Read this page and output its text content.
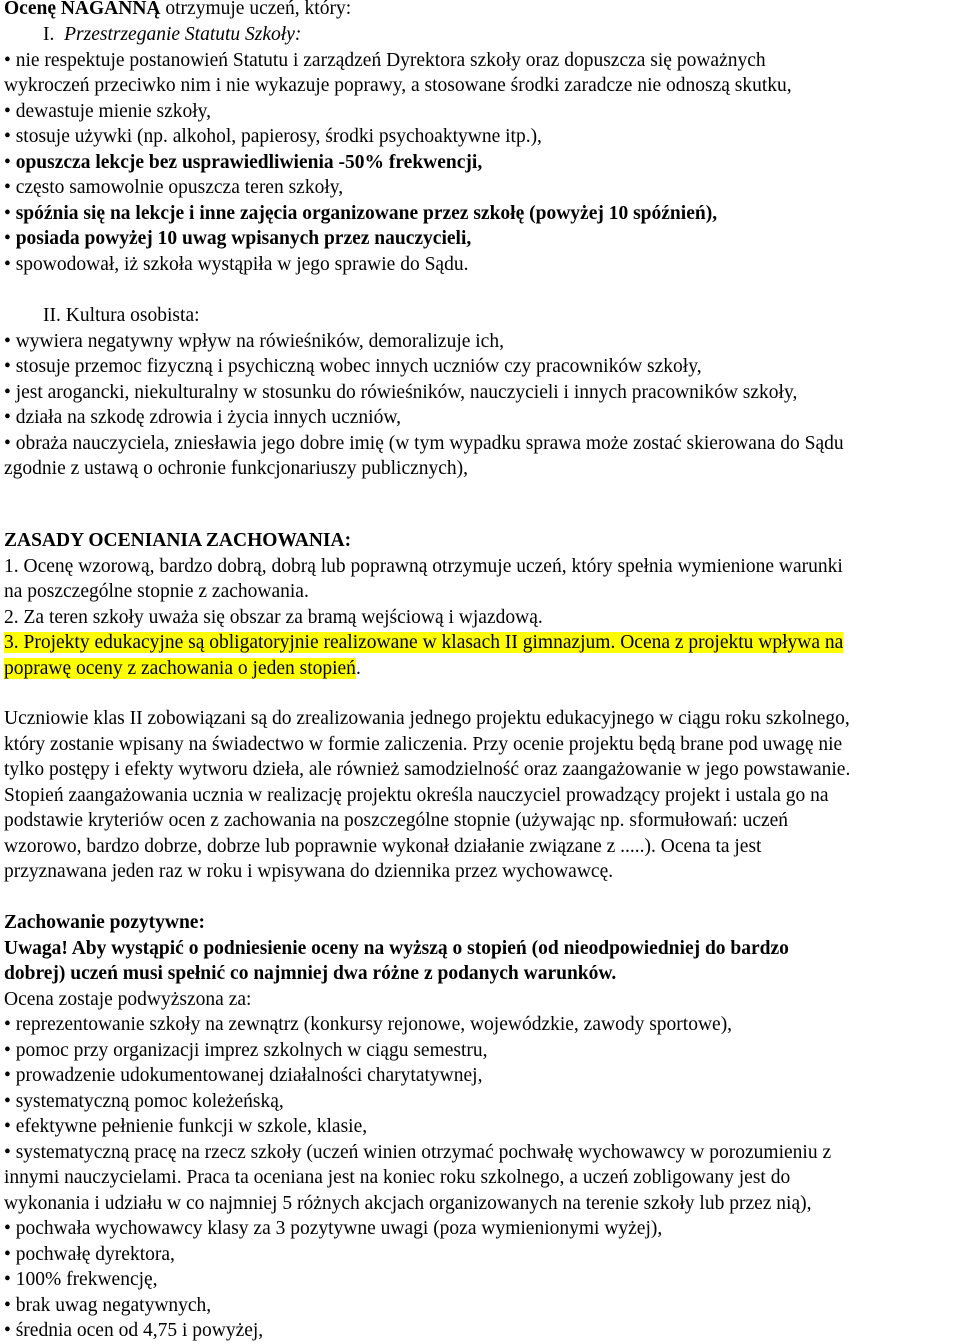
Ocenę NAGANNĄ otrzymuje uczeń, który:
I.  Przestrzeganie Statutu Szkoły:
• nie respektuje postanowień Statutu i zarządzeń Dyrektora szkoły oraz dopuszcza się poważnych
wykroczeń przeciwko nim i nie wykazuje poprawy, a stosowane środki zaradcze nie odnoszą skutku,
• dewastuje mienie szkoły,
• stosuje używki (np. alkohol, papierosy, środki psychoaktywne itp.),
• opuszcza lekcje bez usprawiedliwienia -50% frekwencji,
• często samowolnie opuszcza teren szkoły,
• spóźnia się na lekcje i inne zajęcia organizowane przez szkołę (powyżej 10 spóźnień),
• posiada powyżej 10 uwag wpisanych przez nauczycieli,
• spowodował, iż szkoła wystąpiła w jego sprawie do Sądu.
II. Kultura osobista:
• wywiera negatywny wpływ na rówieśników, demoralizuje ich,
• stosuje przemoc fizyczną i psychiczną wobec innych uczniów czy pracowników szkoły,
• jest arogancki, niekulturalny w stosunku do rówieśników, nauczycieli i innych pracowników szkoły,
• działa na szkodę zdrowia i życia innych uczniów,
• obraża nauczyciela, zniesławia jego dobre imię (w tym wypadku sprawa może zostać skierowana do Sądu
zgodnie z ustawą o ochronie funkcjonariuszy publicznych),
ZASADY OCENIANIA ZACHOWANIA:
1. Ocenę wzorową, bardzo dobrą, dobrą lub poprawną otrzymuje uczeń, który spełnia wymienione warunki
na poszczególne stopnie z zachowania.
2. Za teren szkoły uważa się obszar za bramą wejściową i wjazdową.
3. Projekty edukacyjne są obligatoryjnie realizowane w klasach II gimnazjum. Ocena z projektu wpływa na
poprawę oceny z zachowania o jeden stopień.
Uczniowie klas II zobowiązani są do zrealizowania jednego projektu edukacyjnego w ciągu roku szkolnego,
który zostanie wpisany na świadectwo w formie zaliczenia. Przy ocenie projektu będą brane pod uwagę nie
tylko postępy i efekty wytworu dzieła, ale również samodzielność oraz zaangażowanie w jego powstawanie.
Stopień zaangażowania ucznia w realizację projektu określa nauczyciel prowadzący projekt i ustala go na
podstawie kryteriów ocen z zachowania na poszczególne stopnie (używając np. sformułowań: uczeń
wzorowo, bardzo dobrze, dobrze lub poprawnie wykonał działanie związane z .....). Ocena ta jest
przyznawana jeden raz w roku i wpisywana do dziennika przez wychowawcę.
Zachowanie pozytywne:
Uwaga! Aby wystąpić o podniesienie oceny na wyższą o stopień (od nieodpowiedniej do bardzo
dobrej) uczeń musi spełnić co najmniej dwa różne z podanych warunków.
Ocena zostaje podwyższona za:
• reprezentowanie szkoły na zewnątrz (konkursy rejonowe, wojewódzkie, zawody sportowe),
• pomoc przy organizacji imprez szkolnych w ciągu semestru,
• prowadzenie udokumentowanej działalności charytatywnej,
• systematyczną pomoc koleżeńską,
• efektywne pełnienie funkcji w szkole, klasie,
• systematyczną pracę na rzecz szkoły (uczeń winien otrzymać pochwałę wychowawcy w porozumieniu z
innymi nauczycielami. Praca ta oceniana jest na koniec roku szkolnego, a uczeń zobligowany jest do
wykonania i udziału w co najmniej 5 różnych akcjach organizowanych na terenie szkoły lub przez nią),
• pochwała wychowawcy klasy za 3 pozytywne uwagi (poza wymienionymi wyżej),
• pochwałę dyrektora,
• 100% frekwencję,
• brak uwag negatywnych,
• średnia ocen od 4,75 i powyżej,
